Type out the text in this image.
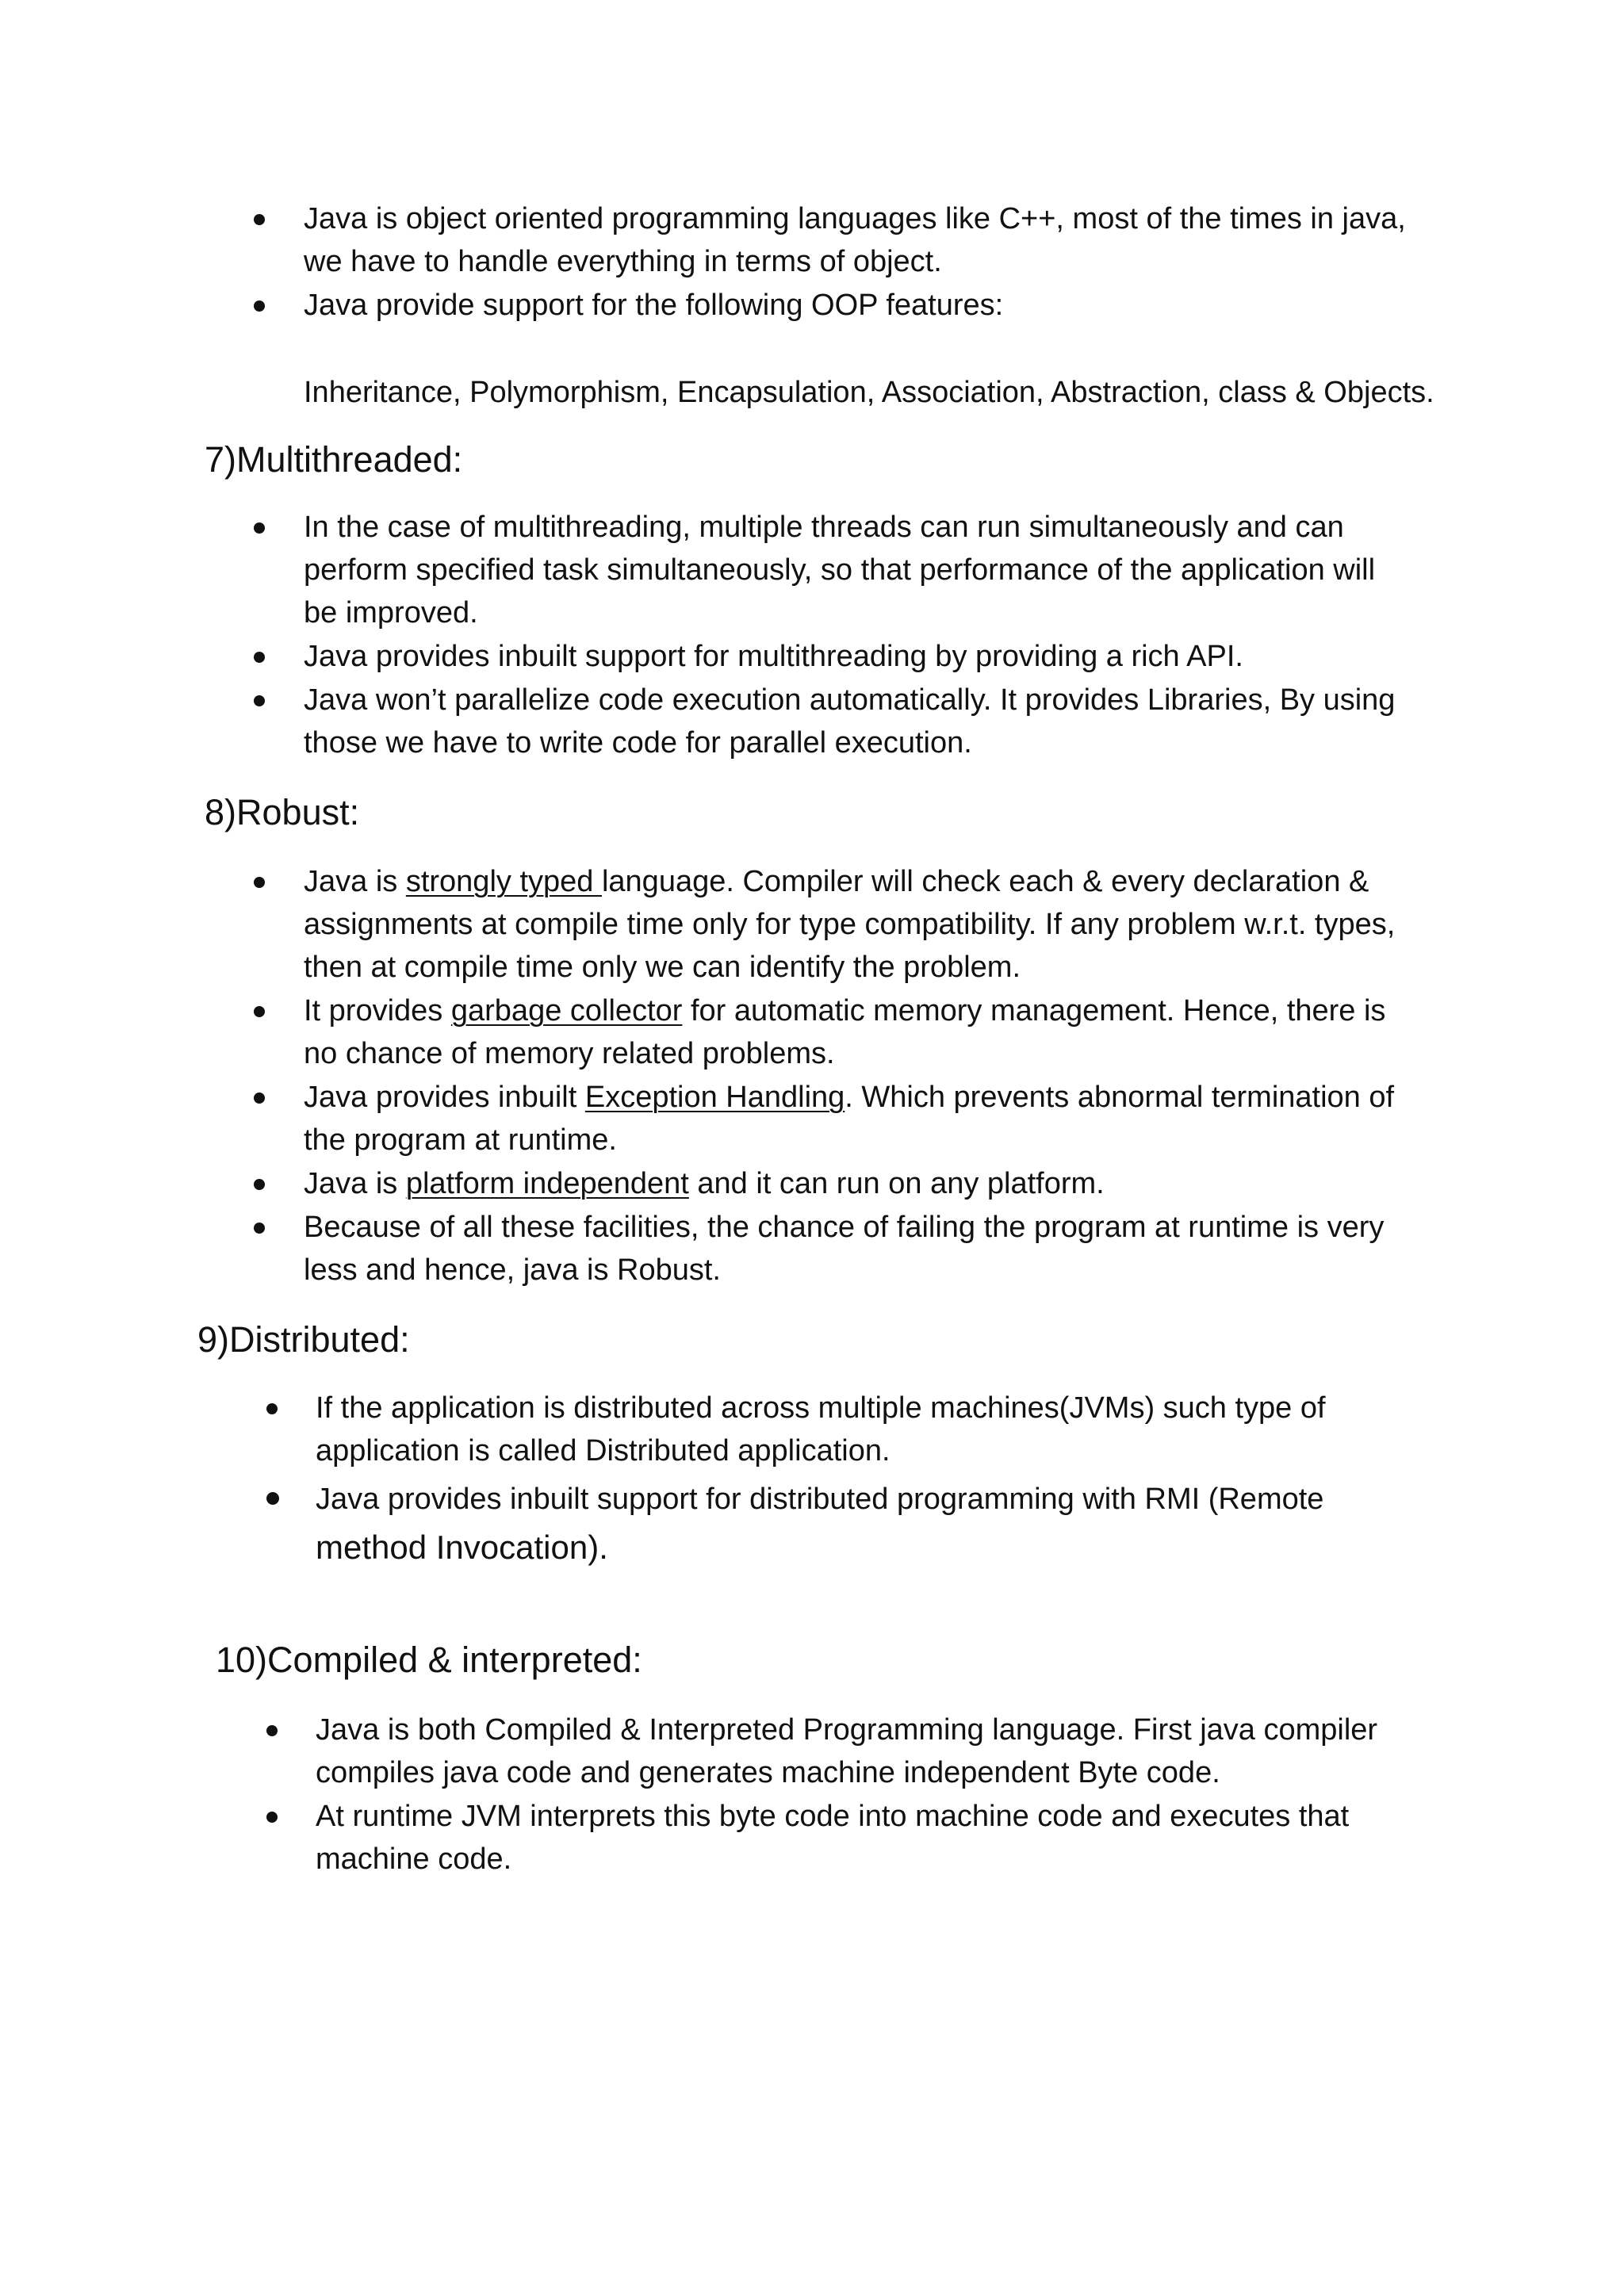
Java is object oriented programming languages like C++, most of the times in java,
we have to handle everything in terms of object.
Java provide support for the following OOP features:
Inheritance, Polymorphism, Encapsulation, Association, Abstraction, class & Objects.
7)Multithreaded:
In the case of multithreading, multiple threads can run simultaneously and can
perform specified task simultaneously, so that performance of the application will
be improved.
Java provides inbuilt support for multithreading by providing a rich API.
Java won’t parallelize code execution automatically. It provides Libraries, By using
those we have to write code for parallel execution.
8)Robust:
Java is strongly typed language. Compiler will check each & every declaration &
assignments at compile time only for type compatibility. If any problem w.r.t. types,
then at compile time only we can identify the problem.
It provides garbage collector for automatic memory management. Hence, there is
no chance of memory related problems.
Java provides inbuilt Exception Handling. Which prevents abnormal termination of
the program at runtime.
Java is platform independent and it can run on any platform.
Because of all these facilities, the chance of failing the program at runtime is very
less and hence, java is Robust.
9)Distributed:
If the application is distributed across multiple machines(JVMs) such type of
application is called Distributed application.
Java provides inbuilt support for distributed programming with RMI (Remote
method Invocation).
10)Compiled & interpreted:
Java is both Compiled & Interpreted Programming language. First java compiler
compiles java code and generates machine independent Byte code.
At runtime JVM interprets this byte code into machine code and executes that
machine code.
